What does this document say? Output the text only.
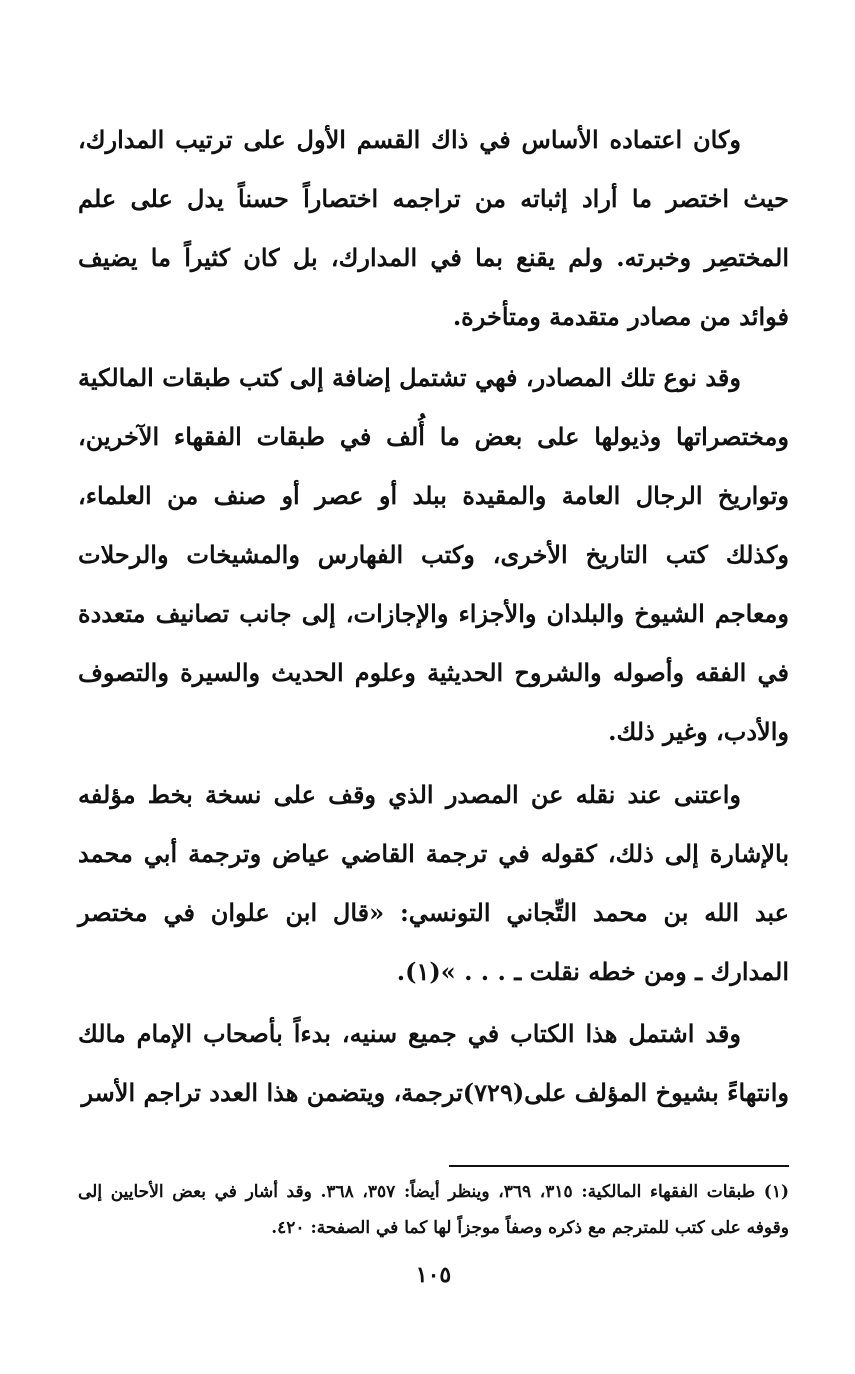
وكان اعتماده الأساس في ذاك القسم الأول على ترتيب المدارك، حيث اختصر ما أراد إثباته من تراجمه اختصاراً حسناً يدل على علم المختصِر وخبرته. ولم يقنع بما في المدارك، بل كان كثيراً ما يضيف فوائد من مصادر متقدمة ومتأخرة.

وقد نوع تلك المصادر، فهي تشتمل إضافة إلى كتب طبقات المالكية ومختصراتها وذيولها على بعض ما أُلف في طبقات الفقهاء الآخرين، وتواريخ الرجال العامة والمقيدة ببلد أو عصر أو صنف من العلماء، وكذلك كتب التاريخ الأخرى، وكتب الفهارس والمشيخات والرحلات ومعاجم الشيوخ والبلدان والأجزاء والإجازات، إلى جانب تصانيف متعددة في الفقه وأصوله والشروح الحديثية وعلوم الحديث والسيرة والتصوف والأدب، وغير ذلك.

واعتنى عند نقله عن المصدر الذي وقف على نسخة بخط مؤلفه بالإشارة إلى ذلك، كقوله في ترجمة القاضي عياض وترجمة أبي محمد عبد الله بن محمد التِّجاني التونسي: «قال ابن علوان في مختصر المدارك ـ ومن خطه نقلت ـ . . . »(١).

وقد اشتمل هذا الكتاب في جميع سنيه، بدءاً بأصحاب الإمام مالك وانتهاءً بشيوخ المؤلف على(٧٢٩)ترجمة، ويتضمن هذا العدد تراجم الأسر

(١) طبقات الفقهاء المالكية: ٣١٥، ٣٦٩، وينظر أيضاً: ٣٥٧، ٣٦٨. وقد أشار في بعض الأحايين إلى وقوفه على كتب للمترجم مع ذكره وصفاً موجزاً لها كما في الصفحة: ٤٢٠.

١٠٥
